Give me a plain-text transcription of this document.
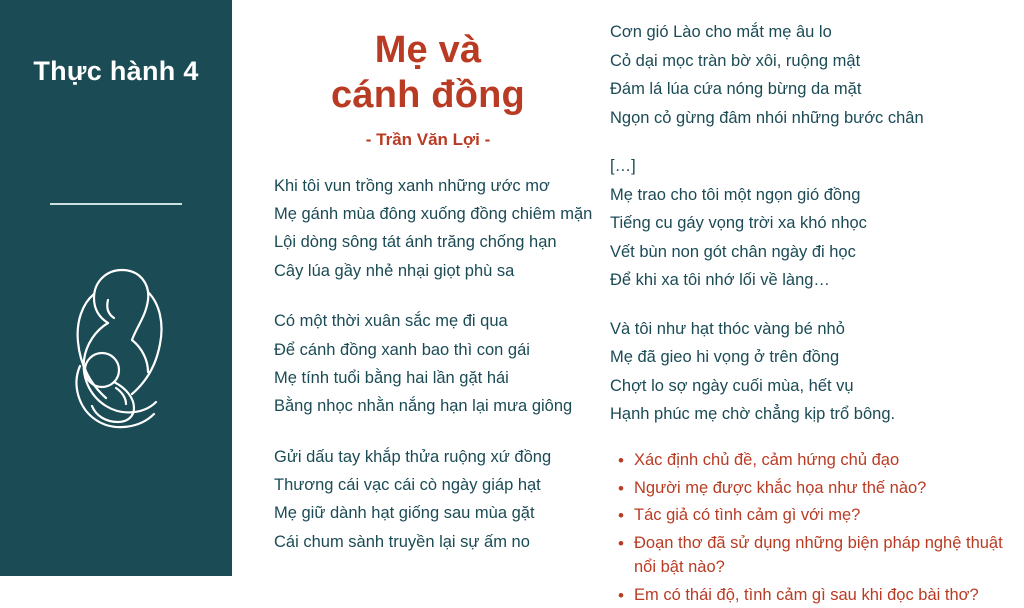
Thực hành 4	Mẹ và
cánh đồng
- Trần Văn Lợi -
Khi tôi vun trồng xanh những ước mơ
Mẹ gánh mùa đông xuống đồng chiêm mặn
Lội dòng sông tát ánh trăng chống hạn
Cây lúa gầy nhẻ nhại giọt phù sa
Có một thời xuân sắc mẹ đi qua
Để cánh đồng xanh bao thì con gái
Mẹ tính tuổi bằng hai lần gặt hái
Bằng nhọc nhằn nắng hạn lại mưa giông
Gửi dấu tay khắp thửa ruộng xứ đồng
Thương cái vạc cái cò ngày giáp hạt
Mẹ giữ dành hạt giống sau mùa gặt
Cái chum sành truyền lại sự ấm no
Cơn gió Lào cho mắt mẹ âu lo
Cỏ dại mọc tràn bờ xôi, ruộng mật
Đám lá lúa cứa nóng bừng da mặt
Ngọn cỏ gừng đâm nhói những bước chân
[…]
Mẹ trao cho tôi một ngọn gió đồng
Tiếng cu gáy vọng trời xa khó nhọc
Vết bùn non gót chân ngày đi học
Để khi xa tôi nhớ lối về làng…
Và tôi như hạt thóc vàng bé nhỏ
Mẹ đã gieo hi vọng ở trên đồng
Chợt lo sợ ngày cuối mùa, hết vụ
Hạnh phúc mẹ chờ chẳng kịp trổ bông.
• Xác định chủ đề, cảm hứng chủ đạo
• Người mẹ được khắc họa như thế nào?
• Tác giả có tình cảm gì với mẹ?
• Đoạn thơ đã sử dụng những biện pháp nghệ thuật nổi bật nào?
• Em có thái độ, tình cảm gì sau khi đọc bài thơ?
